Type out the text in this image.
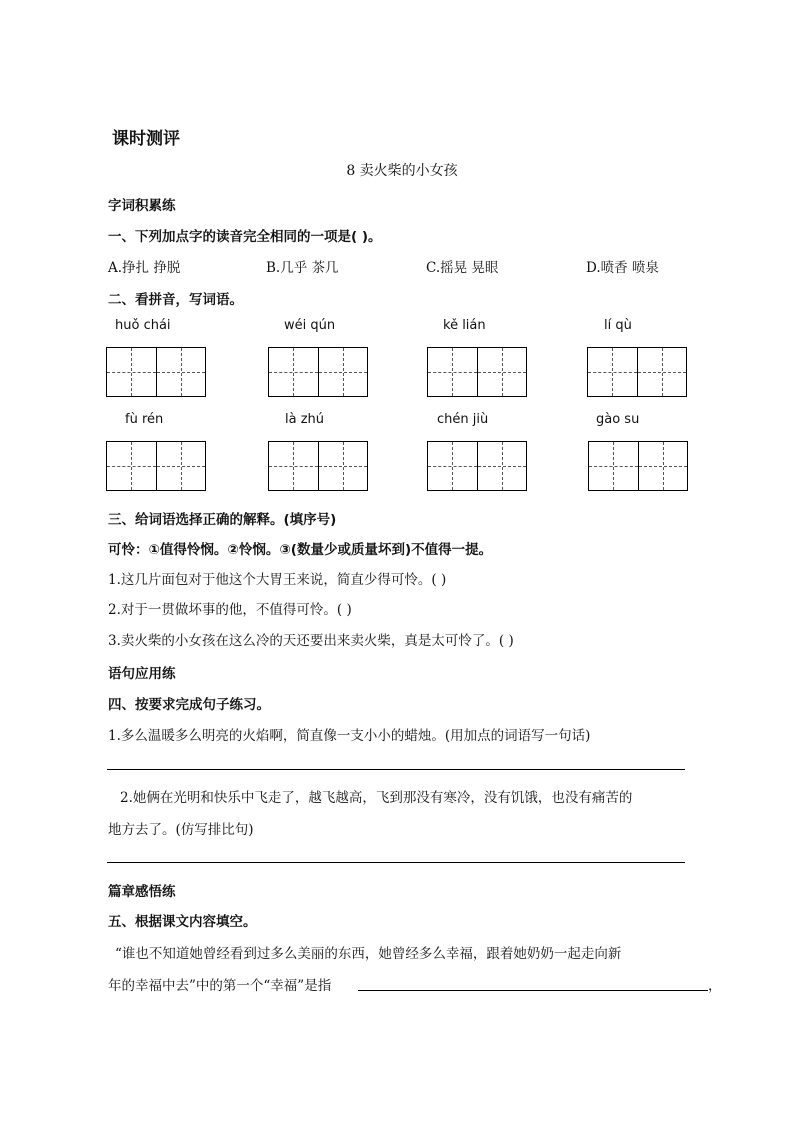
课时测评
8 卖火柴的小女孩
字词积累练
一、下列加点字的读音完全相同的一项是( )。
A.挣扎 挣脱	B.几乎 茶几	C.摇晃 晃眼	D.喷香 喷泉
二、看拼音，写词语。
huǒ chái	wéi qún	kě lián	lí qù
fù rén	là zhú	chén jiù	gào su
三、给词语选择正确的解释。(填序号)
可怜：①值得怜悯。②怜悯。③(数量少或质量坏到)不值得一提。
1.这几片面包对于他这个大胃王来说，简直少得可怜。( )
2.对于一贯做坏事的他，不值得可怜。( )
3.卖火柴的小女孩在这么冷的天还要出来卖火柴，真是太可怜了。( )
语句应用练
四、按要求完成句子练习。
1.多么温暖多么明亮的火焰啊，简直像一支小小的蜡烛。(用加点的词语写一句话)
2.她俩在光明和快乐中飞走了，越飞越高，飞到那没有寒冷，没有饥饿，也没有痛苦的
地方去了。(仿写排比句)
篇章感悟练
五、根据课文内容填空。
“谁也不知道她曾经看到过多么美丽的东西，她曾经多么幸福，跟着她奶奶一起走向新
年的幸福中去”中的第一个“幸福”是指	，
